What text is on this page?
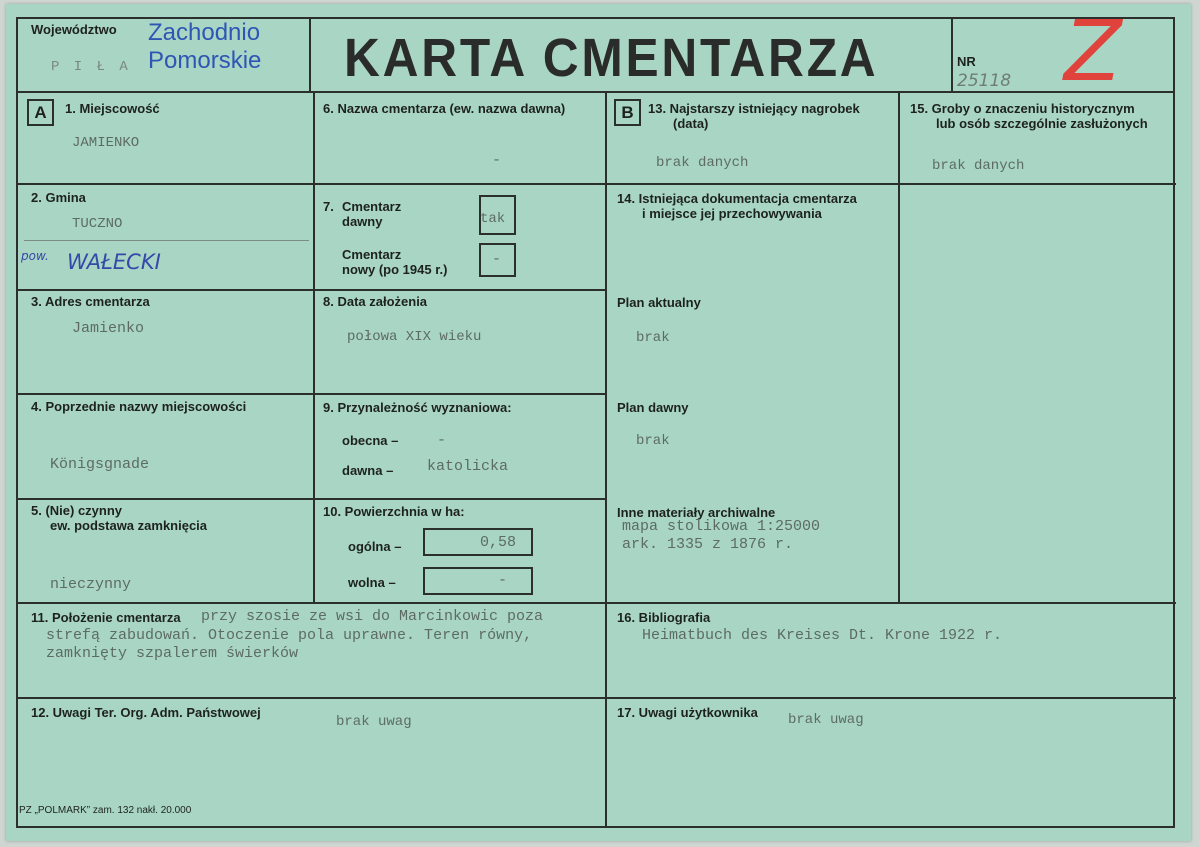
Województwo
P I Ł A
Zachodnio
Pomorskie KARTA CMENTARZA	NR
25118 Z
A	B
1. Miejscowość
JAMIENKO
2. Gmina
TUCZNO
pow. WAŁECKI
3. Adres cmentarza
Jamienko
4. Poprzednie nazwy miejscowości
Königsgnade
5. (Nie) czynny
ew. podstawa zamknięcia
nieczynny
6. Nazwa cmentarza (ew. nazwa dawna)
-
7. Cmentarz
dawny	tak
Cmentarz
nowy (po 1945 r.)
-
8. Data założenia
połowa XIX wieku
9. Przynależność wyznaniowa:
obecna –	-
dawna – katolicka
10. Powierzchnia w ha:
ogólna –	0,58
wolna –	-
13. Najstarszy istniejący nagrobek
(data)
brak danych
14. Istniejąca dokumentacja cmentarza
i miejsce jej przechowywania
Plan aktualny
brak
Plan dawny
brak
Inne materiały archiwalne
mapa stolikowa 1:25000
ark. 1335 z 1876 r.
15. Groby o znaczeniu historycznym
lub osób szczególnie zasłużonych
brak danych
11. Położenie cmentarza przy szosie ze wsi do Marcinkowic poza
strefą zabudowań. Otoczenie pola uprawne. Teren równy,
zamknięty szpalerem świerków
16. Bibliografia
Heimatbuch des Kreises Dt. Krone 1922 r.
12. Uwagi Ter. Org. Adm. Państwowej
brak uwag
17. Uwagi użytkownika brak uwag
PZ „POLMARK” zam. 132 nakł. 20.000
